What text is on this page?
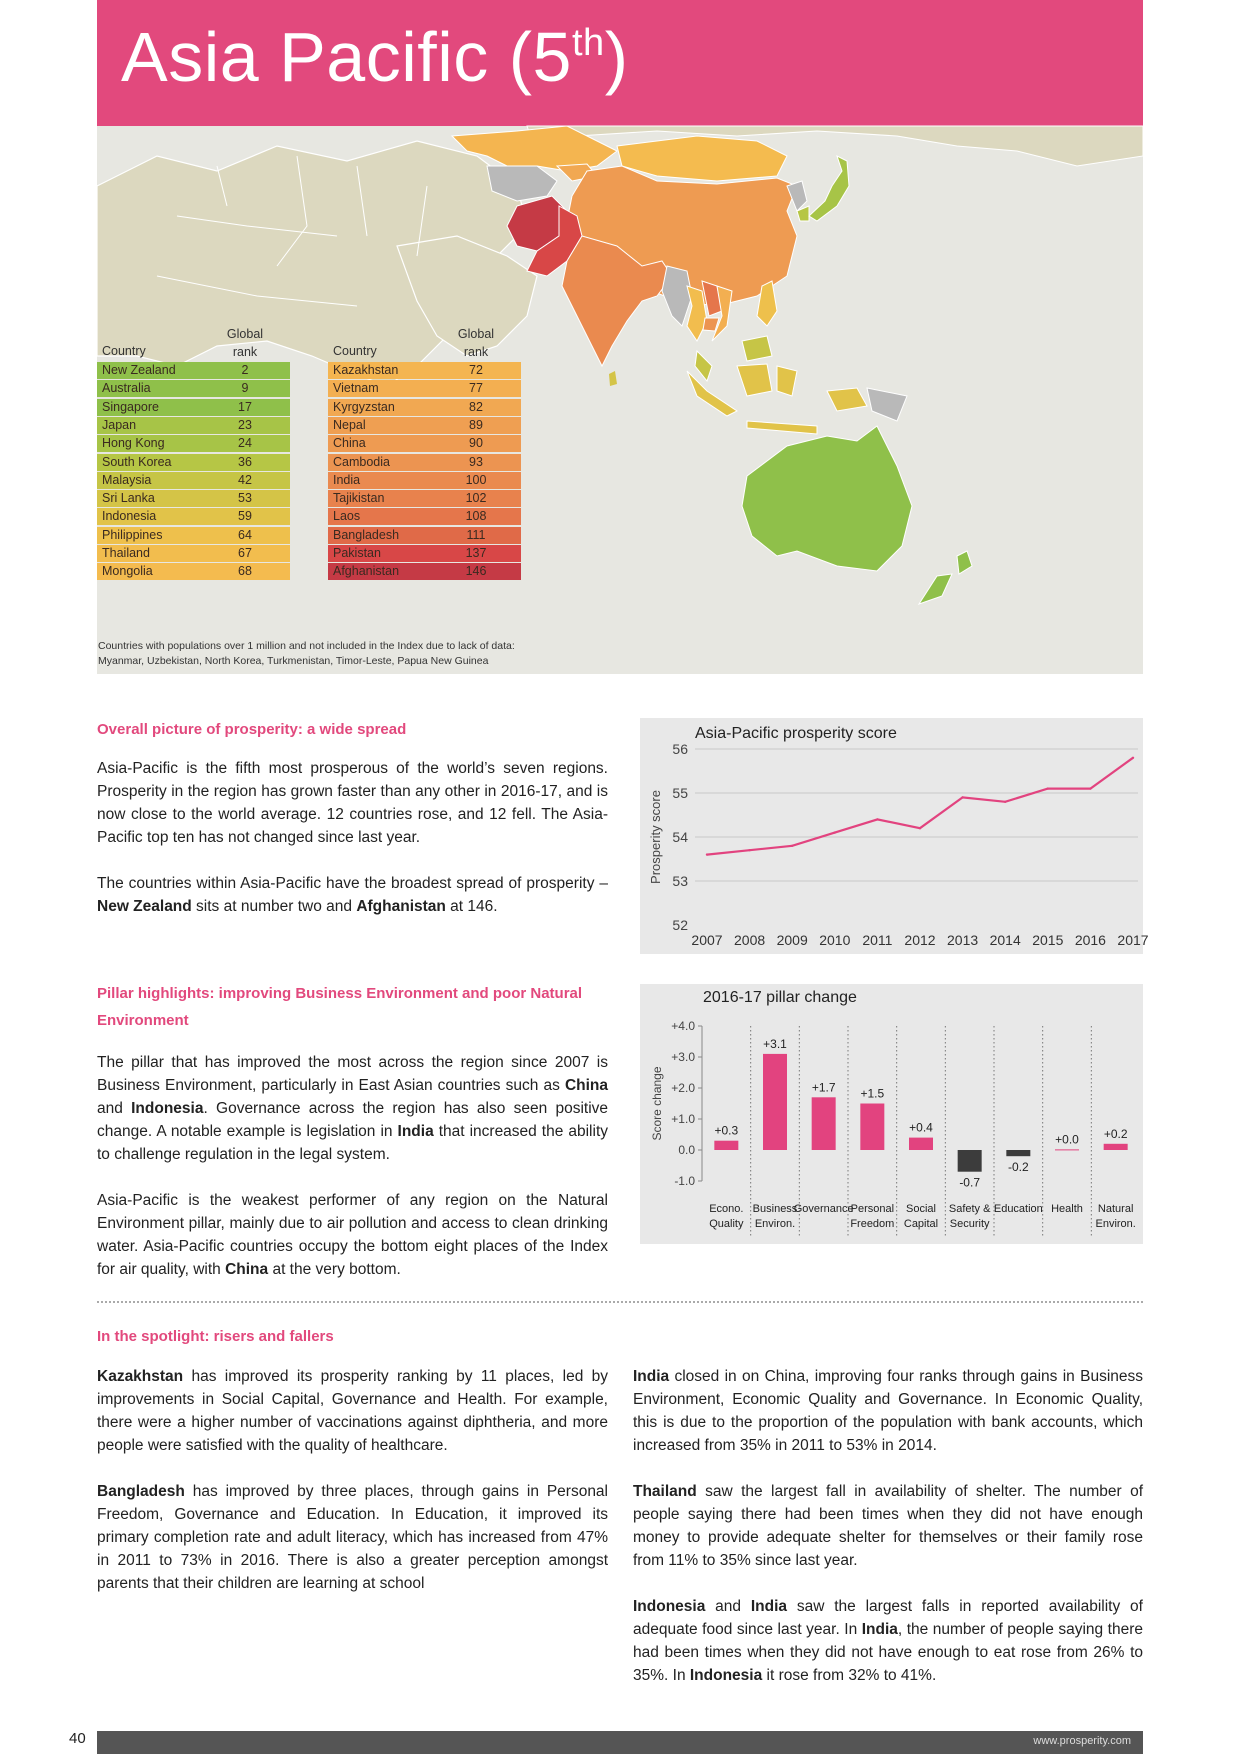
Asia Pacific (5th)
Country
Global
rank
New Zealand	2
Australia	9
Singapore	17
Japan	23
Hong Kong	24
South Korea	36
Malaysia	42
Sri Lanka	53
Indonesia	59
Philippines	64
Thailand	67
Mongolia	68
Country
Global
rank
Kazakhstan	72
Vietnam	77
Kyrgyzstan	82
Nepal	89
China	90
Cambodia	93
India	100
Tajikistan	102
Laos	108
Bangladesh	111
Pakistan	137
Afghanistan	146
Countries with populations over 1 million and not included in the Index due to lack of data: Myanmar, Uzbekistan, North Korea, Turkmenistan, Timor-Leste, Papua New Guinea
Overall picture of prosperity: a wide spread
Asia-Pacific is the fifth most prosperous of the world’s seven regions. Prosperity in the region has grown faster than any other in 2016-17, and is now close to the world average. 12 countries rose, and 12 fell. The Asia-Pacific top ten has not changed since last year.
The countries within Asia-Pacific have the broadest spread of prosperity – New Zealand sits at number two and Afghanistan at 146.
Asia-Pacific prosperity score
56
55
54
53
52
Prosperity score
2007 2008 2009 2010 2011 2012 2013 2014 2015 2016 2017
Pillar highlights: improving Business Environment and poor Natural
Environment
The pillar that has improved the most across the region since 2007 is Business Environment, particularly in East Asian countries such as China and Indonesia. Governance across the region has also seen positive change. A notable example is legislation in India that increased the ability to challenge regulation in the legal system.
Asia-Pacific is the weakest performer of any region on the Natural Environment pillar, mainly due to air pollution and access to clean drinking water. Asia-Pacific countries occupy the bottom eight places of the Index for air quality, with China at the very bottom.
2016-17 pillar change
+4.0
+3.0
+2.0
+1.0
0.0
-1.0
Score change	+0.3
Econo.
Quality
+3.1
Business
Environ.
+1.7
Governance
+1.5
Personal
Freedom
+0.4
Social
Capital
-0.7
Safety &
Security
-0.2
Education
+0.0
Health
+0.2
Natural
Environ.
In the spotlight: risers and fallers
Kazakhstan has improved its prosperity ranking by 11 places, led by improvements in Social Capital, Governance and Health. For example, there were a higher number of vaccinations against diphtheria, and more people were satisfied with the quality of healthcare.
Bangladesh has improved by three places, through gains in Personal Freedom, Governance and Education. In Education, it improved its primary completion rate and adult literacy, which has increased from 47% in 2011 to 73% in 2016. There is also a greater perception amongst parents that their children are learning at school
India closed in on China, improving four ranks through gains in Business Environment, Economic Quality and Governance. In Economic Quality, this is due to the proportion of the population with bank accounts, which increased from 35% in 2011 to 53% in 2014.
Thailand saw the largest fall in availability of shelter. The number of people saying there had been times when they did not have enough money to provide adequate shelter for themselves or their family rose from 11% to 35% since last year.
Indonesia and India saw the largest falls in reported availability of adequate food since last year. In India, the number of people saying there had been times when they did not have enough to eat rose from 26% to 35%. In Indonesia it rose from 32% to 41%.
40	www.prosperity.com
